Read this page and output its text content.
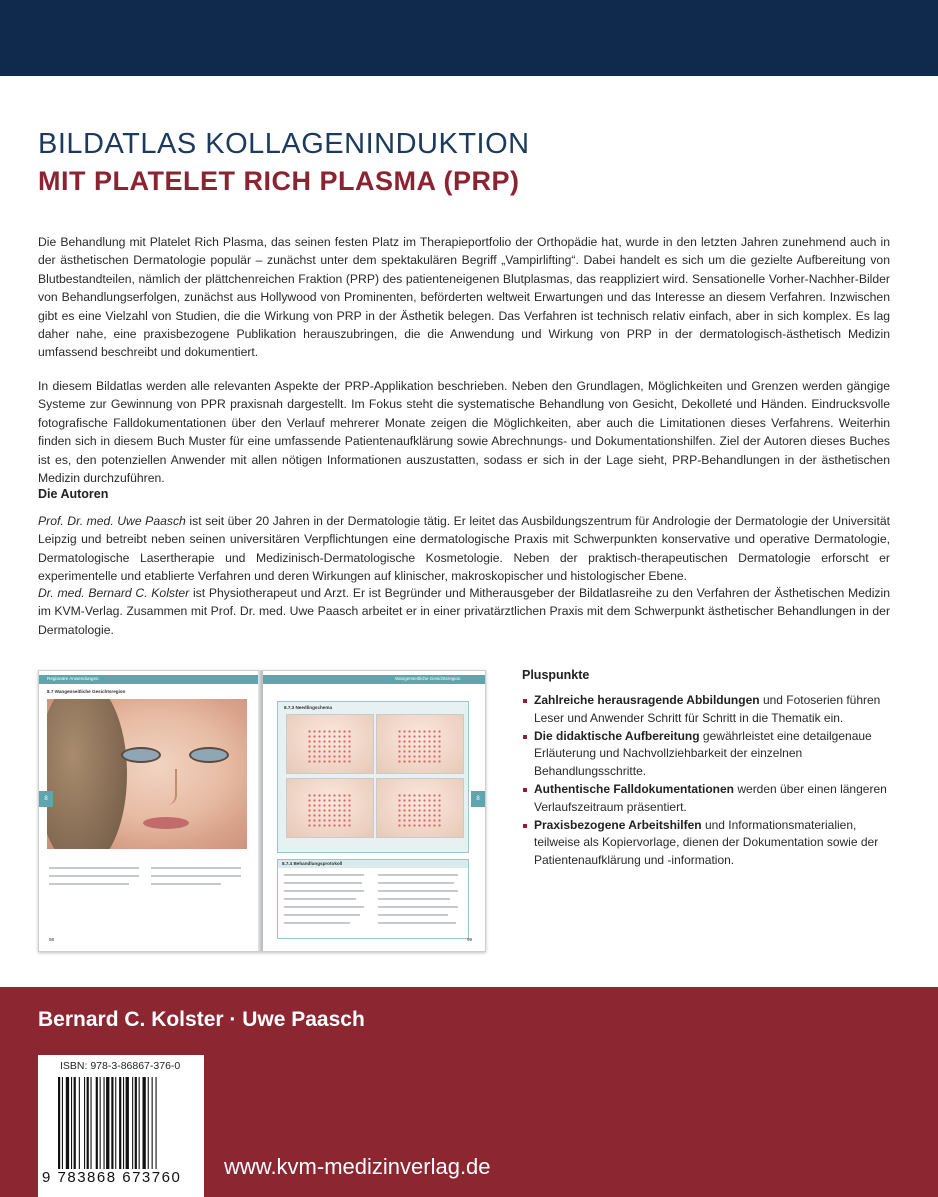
BILDATLAS KOLLAGENINDUKTION
MIT PLATELET RICH PLASMA (PRP)

Die Behandlung mit Platelet Rich Plasma, das seinen festen Platz im Therapieportfolio der Orthopädie hat, wurde in den letzten Jahren zunehmend auch in der ästhetischen Dermatologie populär – zunächst unter dem spektakulären Begriff „Vampirlifting“. Dabei handelt es sich um die gezielte Aufbereitung von Blutbestandteilen, nämlich der plättchenreichen Fraktion (PRP) des patienteneigenen Blutplasmas, das reappliziert wird. Sensationelle Vorher-Nachher-Bilder von Behandlungserfolgen, zunächst aus Hollywood von Prominenten, beförderten weltweit Erwartungen und das Interesse an diesem Verfahren. Inzwischen gibt es eine Vielzahl von Studien, die die Wirkung von PRP in der Ästhetik belegen. Das Verfahren ist technisch relativ einfach, aber in sich komplex. Es lag daher nahe, eine praxisbezogene Publikation herauszubringen, die die Anwendung und Wirkung von PRP in der dermatologisch-ästhetisch Medizin umfassend beschreibt und dokumentiert.

In diesem Bildatlas werden alle relevanten Aspekte der PRP-Applikation beschrieben. Neben den Grundlagen, Möglichkeiten und Grenzen werden gängige Systeme zur Gewinnung von PPR praxisnah dargestellt. Im Fokus steht die systematische Behandlung von Gesicht, Dekolleté und Händen. Eindrucksvolle fotografische Falldokumentationen über den Verlauf mehrerer Monate zeigen die Möglichkeiten, aber auch die Limitationen dieses Verfahrens. Weiterhin finden sich in diesem Buch Muster für eine umfassende Patientenaufklärung sowie Abrechnungs- und Dokumentationshilfen. Ziel der Autoren dieses Buches ist es, den potenziellen Anwender mit allen nötigen Informationen auszustatten, sodass er sich in der Lage sieht, PRP-Behandlungen in der ästhetischen Medizin durchzuführen.

Die Autoren

Prof. Dr. med. Uwe Paasch ist seit über 20 Jahren in der Dermatologie tätig. Er leitet das Ausbildungszentrum für Andrologie der Dermatologie der Universität Leipzig und betreibt neben seinen universitären Verpflichtungen eine dermatologische Praxis mit Schwerpunkten konservative und operative Dermatologie, Dermatologische Lasertherapie und Medizinisch-Dermatologische Kosmetologie. Neben der praktisch-therapeutischen Dermatologie erforscht er experimentelle und etablierte Verfahren und deren Wirkungen auf klinischer, makroskopischer und histologischer Ebene.

Dr. med. Bernard C. Kolster ist Physiotherapeut und Arzt. Er ist Begründer und Mitherausgeber der Bildatlasreihe zu den Verfahren der Ästhetischen Medizin im KVM-Verlag. Zusammen mit Prof. Dr. med. Uwe Paasch arbeitet er in einer privatärztlichen Praxis mit dem Schwerpunkt ästhetischer Behandlungen in der Dermatologie.

Regionäre Anwendungen
8.7 Wangenseitliche Gesichtsregion
8
98
Wangenseitliche Gesichtsregion
8.7.3 Needlingschema
8
8.7.4 Behandlungsprotokoll
99
Pluspunkte
Zahlreiche herausragende Abbildungen und Fotoserien führen Leser und Anwender Schritt für Schritt in die Thematik ein.
Die didaktische Aufbereitung gewährleistet eine detailgenaue Erläuterung und Nachvollziehbarkeit der einzelnen Behandlungsschritte.
Authentische Falldokumentationen werden über einen längeren Verlaufszeitraum präsentiert.
Praxisbezogene Arbeitshilfen und Informationsmaterialien, teilweise als Kopiervorlage, dienen der Dokumentation sowie der Patientenaufklärung und -information.
Bernard C. Kolster · Uwe Paasch
ISBN: 978-3-86867-376-0
9 783868 673760 www.kvm-medizinverlag.de
